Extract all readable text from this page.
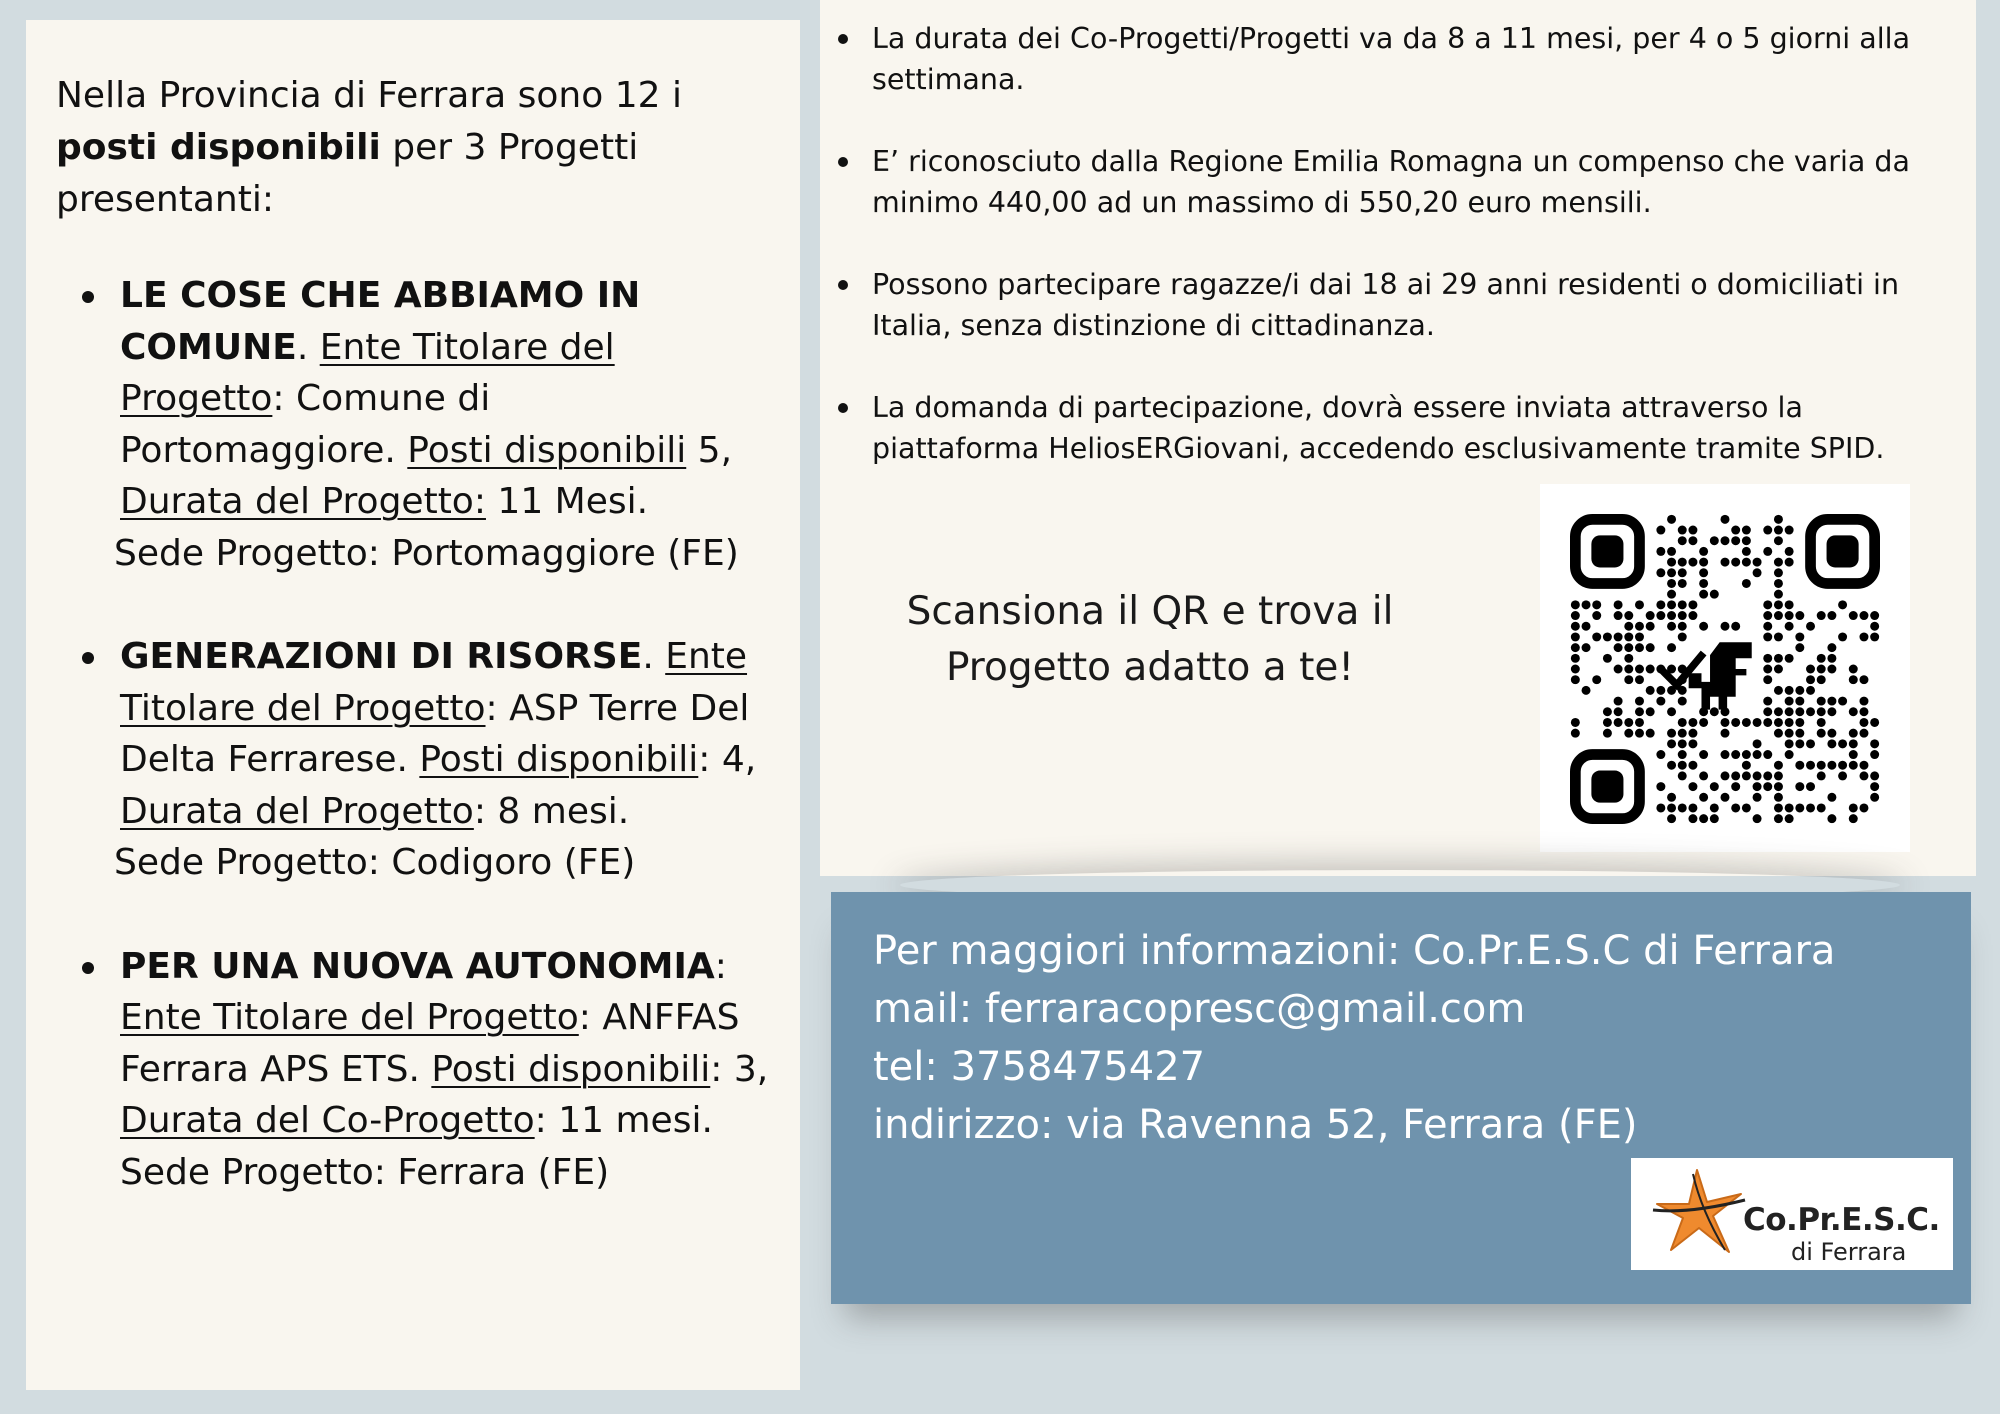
Nella Provincia di Ferrara sono 12 i posti disponibili per 3 Progetti presentanti:

LE COSE CHE ABBIAMO IN COMUNE. Ente Titolare del Progetto: Comune di Portomaggiore. Posti disponibili 5, Durata del Progetto: 11 Mesi.
Sede Progetto: Portomaggiore (FE)
GENERAZIONI DI RISORSE. Ente Titolare del Progetto: ASP Terre Del Delta Ferrarese. Posti disponibili: 4, Durata del Progetto: 8 mesi.
Sede Progetto: Codigoro (FE)
PER UNA NUOVA AUTONOMIA: Ente Titolare del Progetto: ANFFAS Ferrara APS ETS. Posti disponibili: 3, Durata del Co-Progetto: 11 mesi.
Sede Progetto: Ferrara (FE)
La durata dei Co-Progetti/Progetti va da 8 a 11 mesi, per 4 o 5 giorni alla settimana.
E’ riconosciuto dalla Regione Emilia Romagna un compenso che varia da minimo 440,00 ad un massimo di 550,20 euro mensili.
Possono partecipare ragazze/i dai 18 ai 29 anni residenti o domiciliati in Italia, senza distinzione di cittadinanza.
La domanda di partecipazione, dovrà essere inviata attraverso la piattaforma HeliosERGiovani, accedendo esclusivamente tramite SPID.
Scansiona il QR e trova il Progetto adatto a te!
Per maggiori informazioni: Co.Pr.E.S.C di Ferrara
mail: ferraracopresc@gmail.com
tel: 3758475427
indirizzo: via Ravenna 52, Ferrara (FE)
Co.Pr.E.S.C.
di Ferrara
